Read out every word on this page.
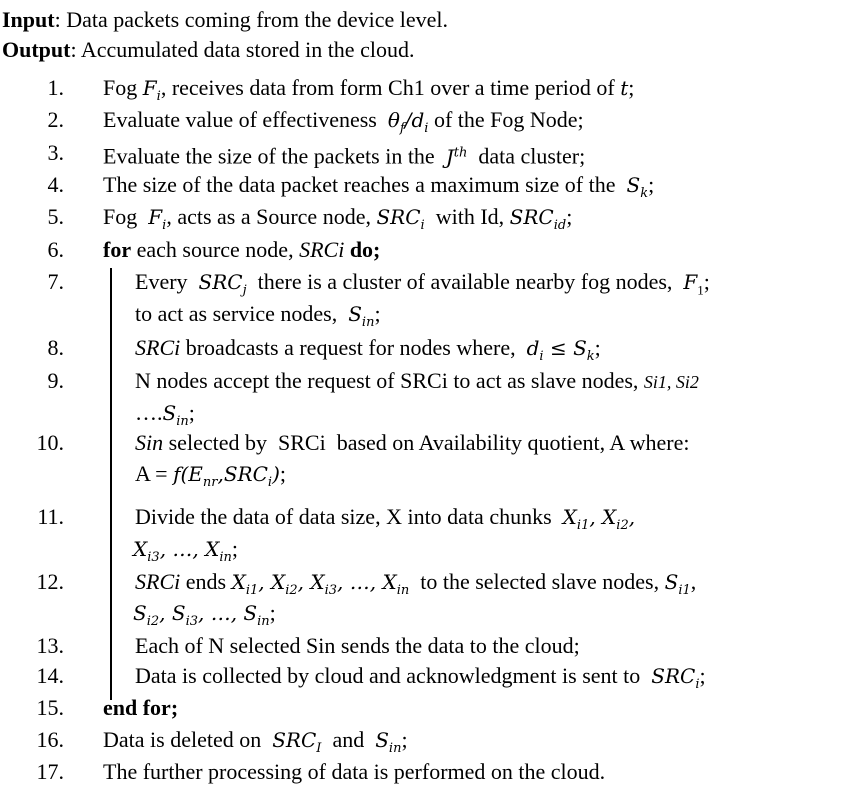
Input: Data packets coming from the device level.
Output: Accumulated data stored in the cloud.
1. Fog $F_i$, receives data from form Ch1 over a time period of t;
2. Evaluate value of effectiveness $\theta_f/d_i$ of the Fog Node;
3. Evaluate the size of the packets in the $J^{th}$ data cluster;
4. The size of the data packet reaches a maximum size of the $S_k$;
5. Fog $F_i$, acts as a Source node, $SRC_i$ with Id, $SRC_{id}$;
6. for each source node, SRCi do;
7.	Every $SRC_j$ there is a cluster of available nearby fog nodes, $F_1$;
to act as service nodes, $S_{in}$;
8.	SRCi broadcasts a request for nodes where, $d_i \le S_k$;
9.	N nodes accept the request of SRCi to act as slave nodes, Si1, Si2
$\dots.S_{in}$;
10.	Sin selected by SRCi based on Availability quotient, A where:
$A = f(E_{nr},SRC_i)$;
11.	Divide the data of data size, X into data chunks $X_{i1}$, $X_{i2}$,
$X_{i3}$, …, $X_{in}$;
12.	SRCi ends $X_{i1}$, $X_{i2}$, $X_{i3}$, …, $X_{in}$ to the selected slave nodes, $S_{i1}$,
$S_{i2}$, $S_{i3}$, …, $S_{in}$;
13.	Each of N selected Sin sends the data to the cloud;
14.	Data is collected by cloud and acknowledgment is sent to $SRC_i$;
15. end for;
16. Data is deleted on $SRC_I$ and $S_{in}$;
17. The further processing of data is performed on the cloud.
